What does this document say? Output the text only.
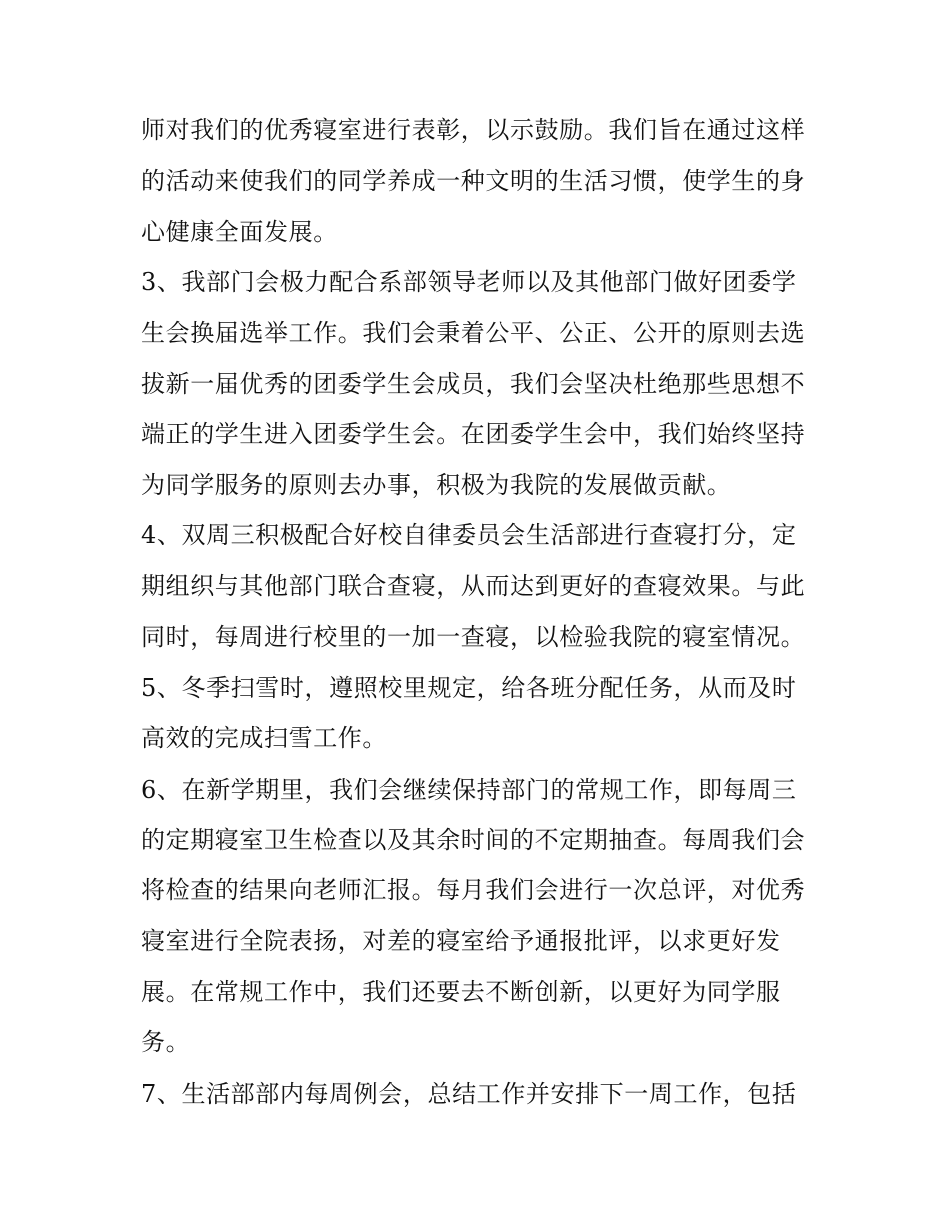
师对我们的优秀寝室进行表彰，以示鼓励。我们旨在通过这样
的活动来使我们的同学养成一种文明的生活习惯，使学生的身
心健康全面发展。
3、我部门会极力配合系部领导老师以及其他部门做好团委学
生会换届选举工作。我们会秉着公平、公正、公开的原则去选
拔新一届优秀的团委学生会成员，我们会坚决杜绝那些思想不
端正的学生进入团委学生会。在团委学生会中，我们始终坚持
为同学服务的原则去办事，积极为我院的发展做贡献。
4、双周三积极配合好校自律委员会生活部进行查寝打分，定
期组织与其他部门联合查寝，从而达到更好的查寝效果。与此
同时，每周进行校里的一加一查寝，以检验我院的寝室情况。
5、冬季扫雪时，遵照校里规定，给各班分配任务，从而及时
高效的完成扫雪工作。
6、在新学期里，我们会继续保持部门的常规工作，即每周三
的定期寝室卫生检查以及其余时间的不定期抽查。每周我们会
将检查的结果向老师汇报。每月我们会进行一次总评，对优秀
寝室进行全院表扬，对差的寝室给予通报批评，以求更好发
展。在常规工作中，我们还要去不断创新，以更好为同学服
务。
7、生活部部内每周例会，总结工作并安排下一周工作，包括
